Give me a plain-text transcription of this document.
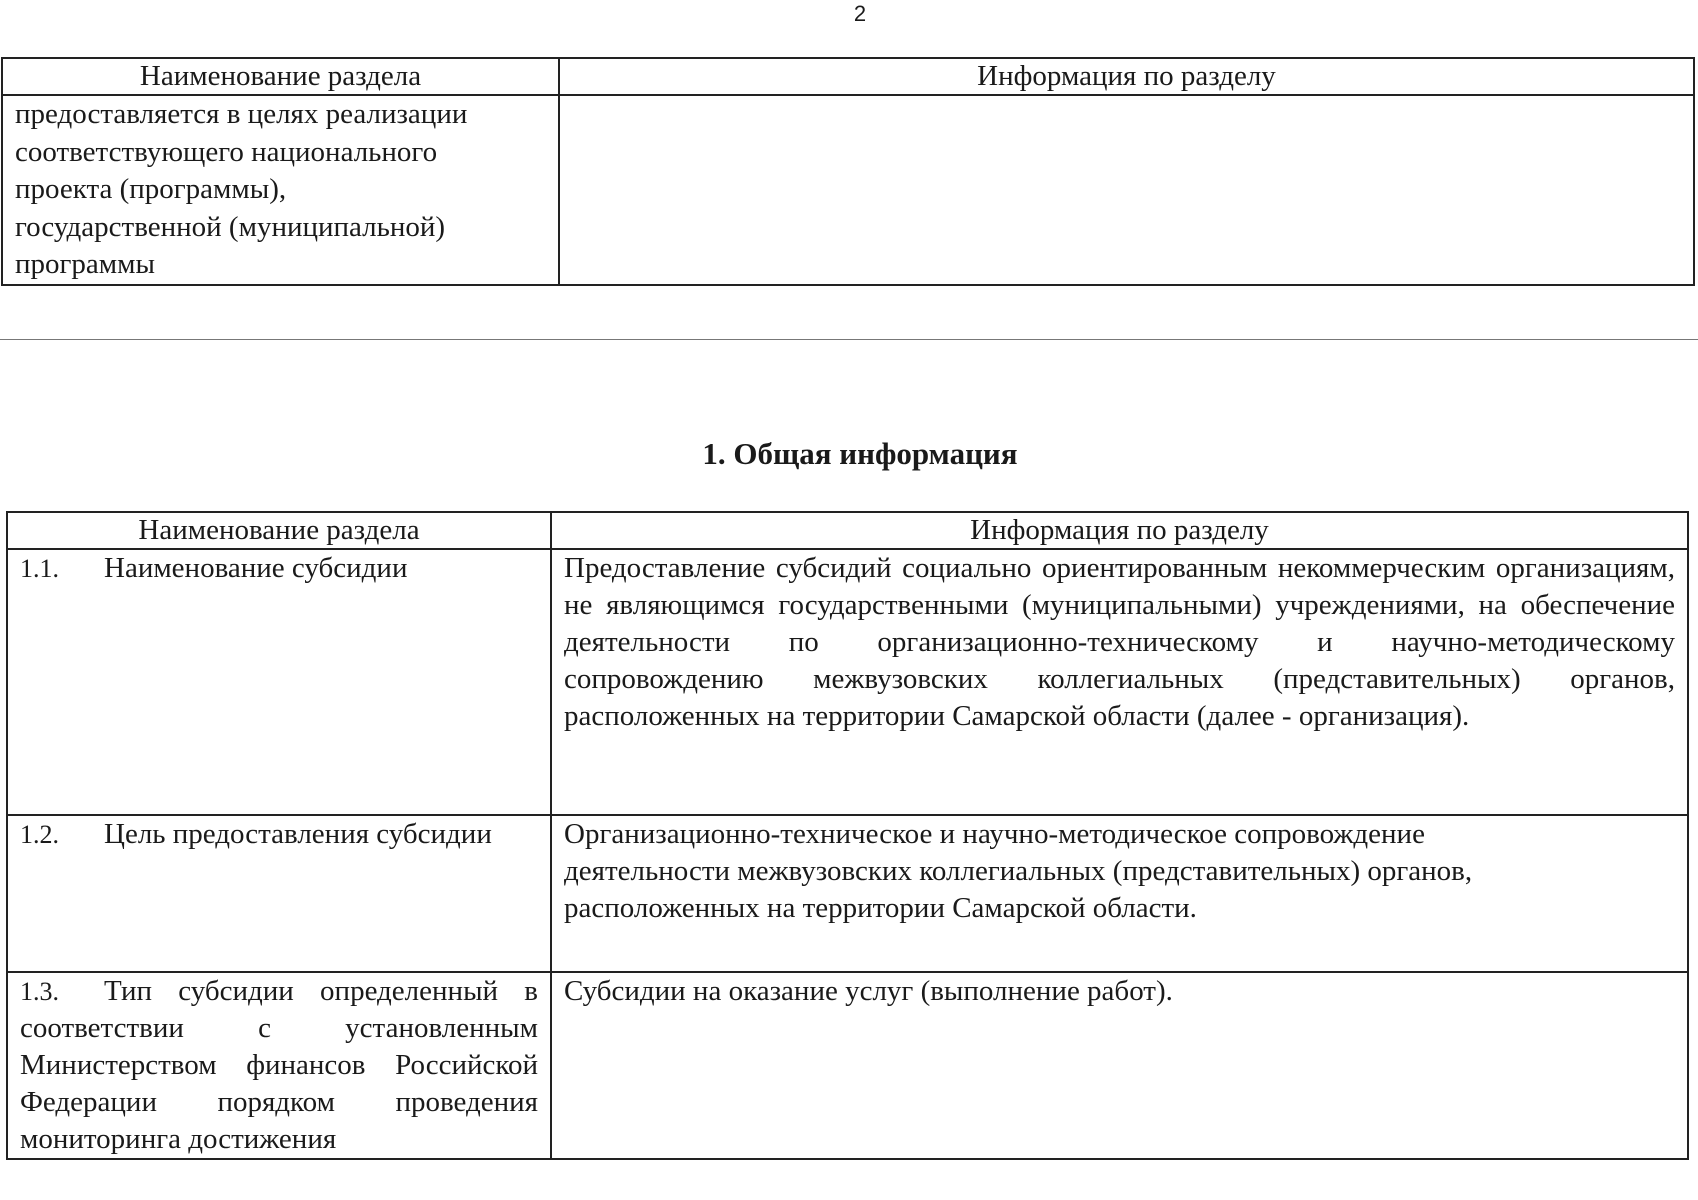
2
Наименование раздела	Информация по разделу

предоставляется в целях реализации
соответствующего национального
проекта (программы),
государственной (муниципальной)
программы	

1. Общая информация
Наименование раздела	Информация по разделу
1.1. Наименование субсидии	Предоставление субсидий социально ориентированным некоммерческим организациям, не являющимся государственными (муниципальными) учреждениями, на обеспечение деятельности по организационно-техническому и научно-методическому сопровождению межвузовских коллегиальных (представительных) органов, расположенных на территории Самарской области (далее - организация).
1.2. Цель предоставления субсидии	Организационно-техническое и научно-методическое сопровождение
деятельности межвузовских коллегиальных (представительных) органов,
расположенных на территории Самарской области.

1.3. Тип субсидии определенный в соответствии с установленным Министерством финансов Российской Федерации порядком проведения мониторинга достижения	Субсидии на оказание услуг (выполнение работ).
